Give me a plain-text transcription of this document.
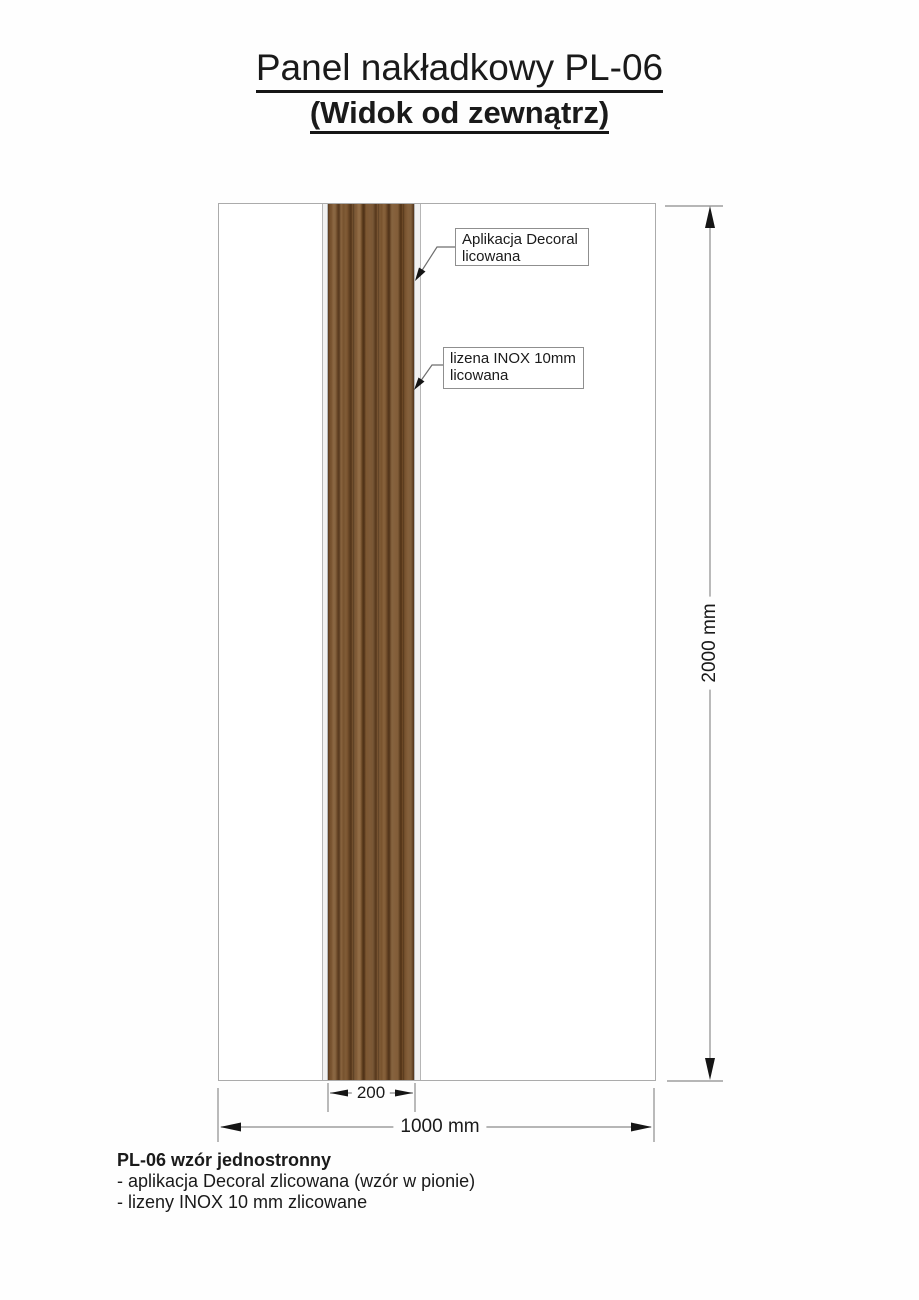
Panel nakładkowy PL-06
(Widok od zewnątrz)
Aplikacja Decoral
licowana
lizena INOX 10mm
licowana
200
1000 mm
2000 mm
PL-06 wzór jednostronny
- aplikacja Decoral zlicowana (wzór w pionie)
- lizeny INOX 10 mm zlicowane
